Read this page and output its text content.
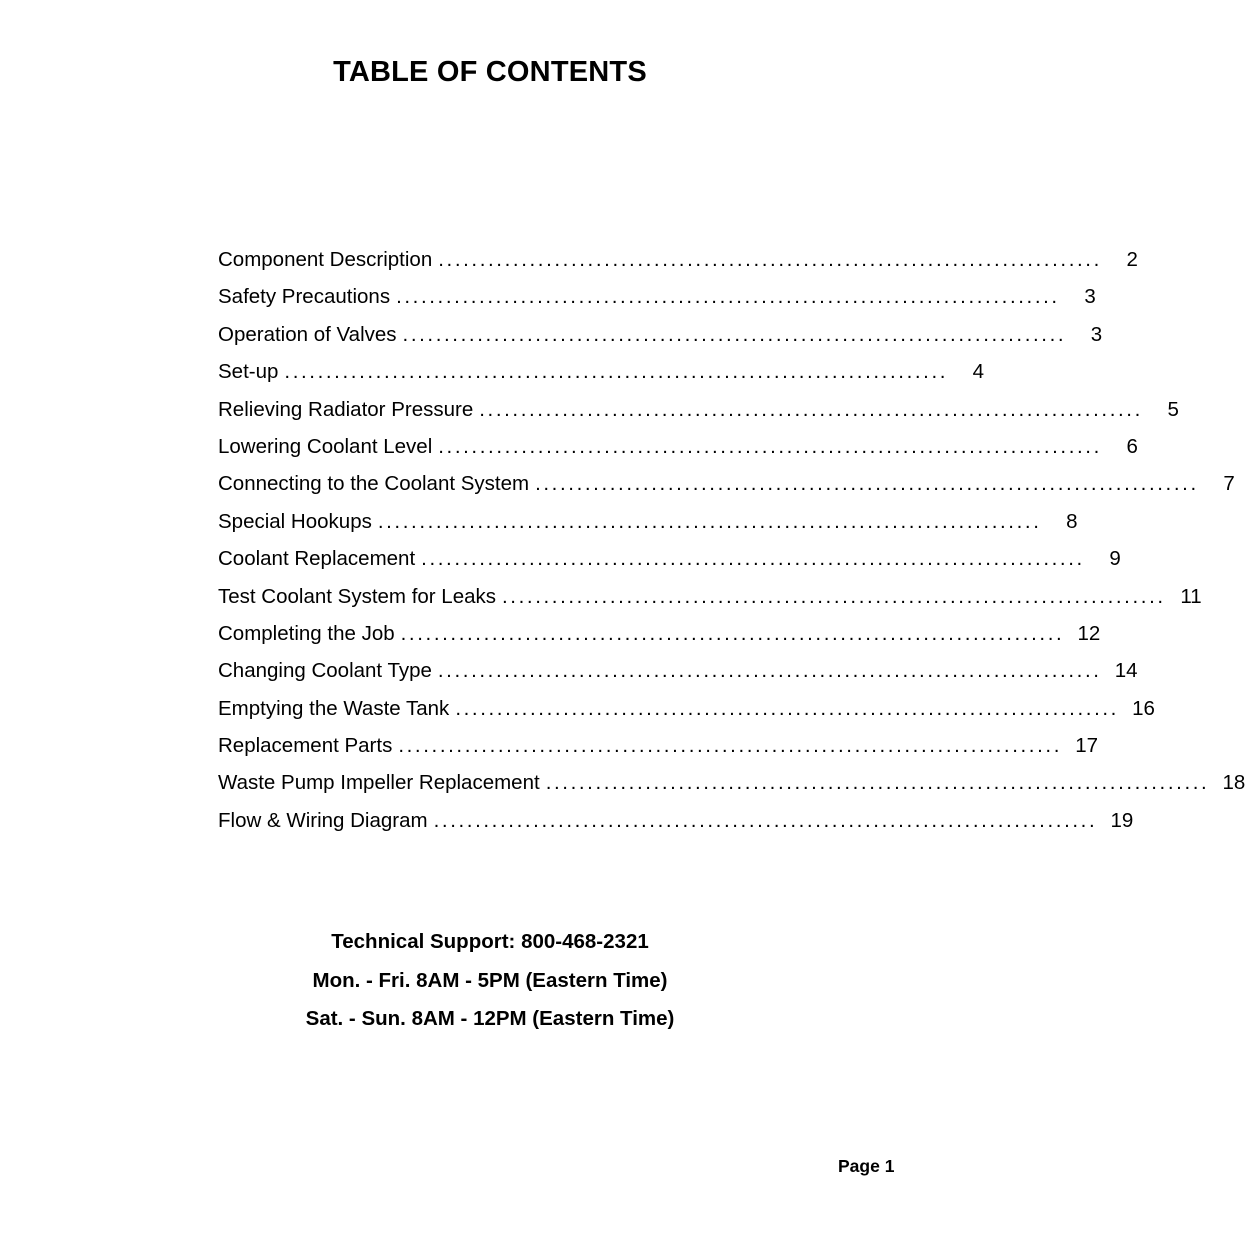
TABLE OF CONTENTS
Component Description ................................................................................	2
Safety Precautions ................................................................................	3
Operation of Valves ................................................................................	3
Set-up ................................................................................	4
Relieving Radiator Pressure ................................................................................	5
Lowering Coolant Level ................................................................................	6
Connecting to the Coolant System ................................................................................	7
Special Hookups ................................................................................	8
Coolant Replacement ................................................................................	9
Test Coolant System for Leaks ................................................................................ 11
Completing the Job ................................................................................ 12
Changing Coolant Type ................................................................................ 14
Emptying the Waste Tank ................................................................................ 16
Replacement Parts ................................................................................ 17
Waste Pump Impeller Replacement ................................................................................ 18
Flow & Wiring Diagram ................................................................................ 19
Technical Support: 800-468-2321
Mon. - Fri. 8AM - 5PM (Eastern Time)
Sat. - Sun. 8AM - 12PM (Eastern Time)
Page 1
